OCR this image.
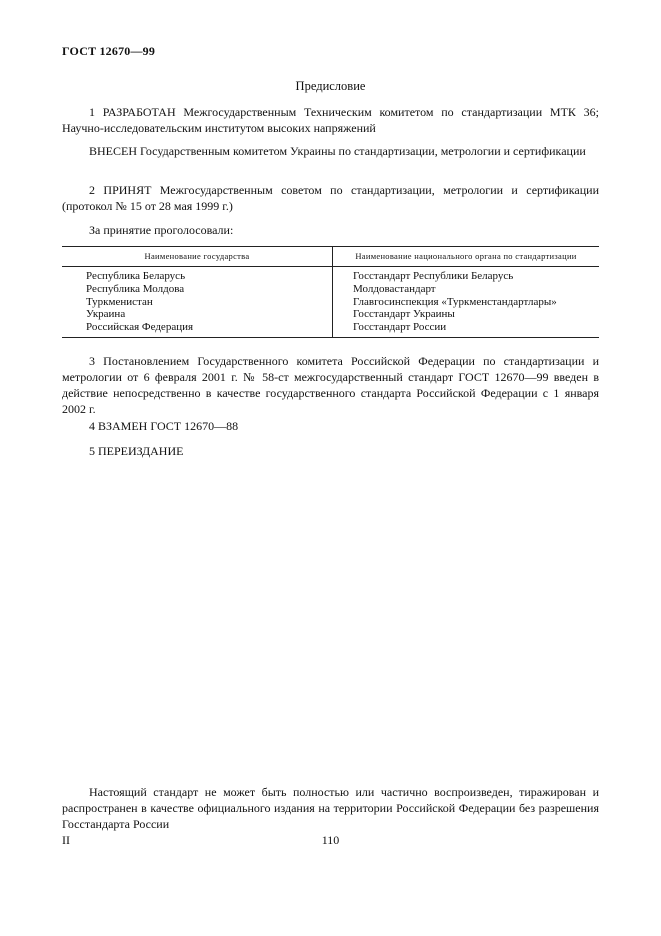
ГОСТ 12670—99
Предисловие
1 РАЗРАБОТАН Межгосударственным Техническим комитетом по стандартизации МТК 36; Научно-исследовательским институтом высоких напряжений
ВНЕСЕН Государственным комитетом Украины по стандартизации, метрологии и сертификации
2 ПРИНЯТ Межгосударственным советом по стандартизации, метрологии и сертификации (протокол № 15 от 28 мая 1999 г.)
За принятие проголосовали:
Наименование государства	Наименование национального органа по стандартизации
Республика Беларусь
Республика Молдова
Туркменистан
Украина
Российская Федерация
Госстандарт Республики Беларусь
Молдовастандарт
Главгосинспекция «Туркменстандартлары»
Госстандарт Украины
Госстандарт России
3 Постановлением Государственного комитета Российской Федерации по стандартизации и метрологии от 6 февраля 2001 г. № 58-ст межгосударственный стандарт ГОСТ 12670—99 введен в действие непосредственно в качестве государственного стандарта Российской Федерации с 1 января 2002 г.
4 ВЗАМЕН ГОСТ 12670—88
5 ПЕРЕИЗДАНИЕ
Настоящий стандарт не может быть полностью или частично воспроизведен, тиражирован и распространен в качестве официального издания на территории Российской Федерации без разрешения Госстандарта России
II	110
